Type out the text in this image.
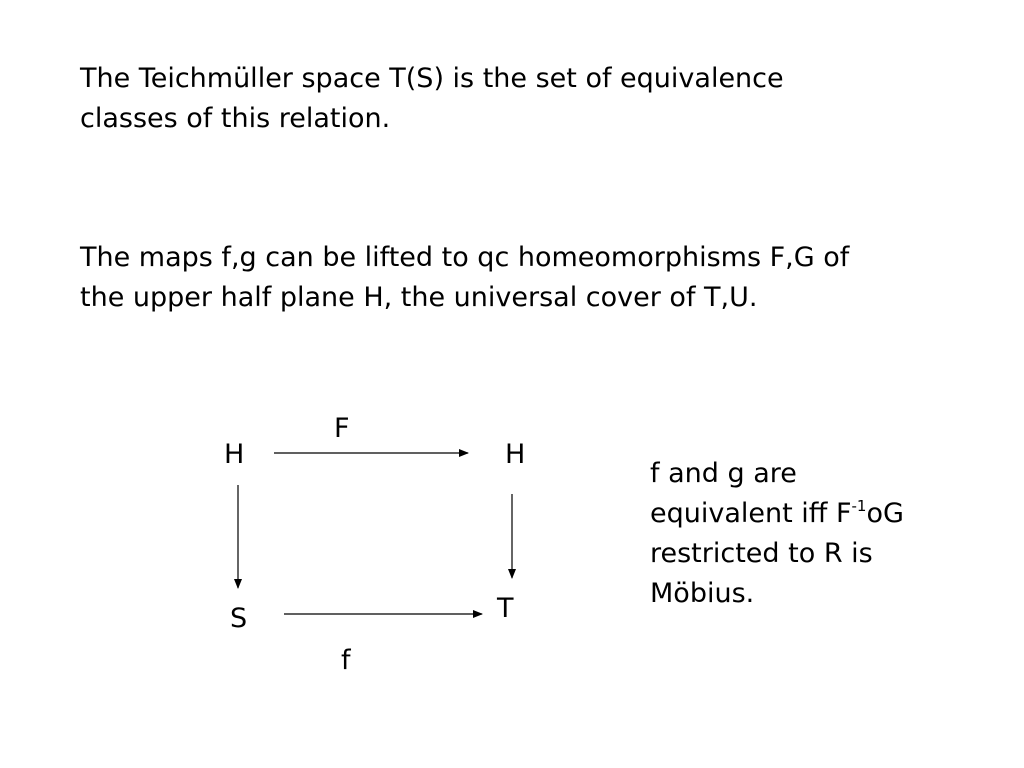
The Teichmüller space T(S) is the set of equivalence
classes of this relation.

The maps f,g can be lifted to qc homeomorphisms F,G of
the upper half plane H, the universal cover of T,U.

F
H	H
S	T
f
f and g are
equivalent iff $F^{-1}oG$
restricted to R is
Möbius.
